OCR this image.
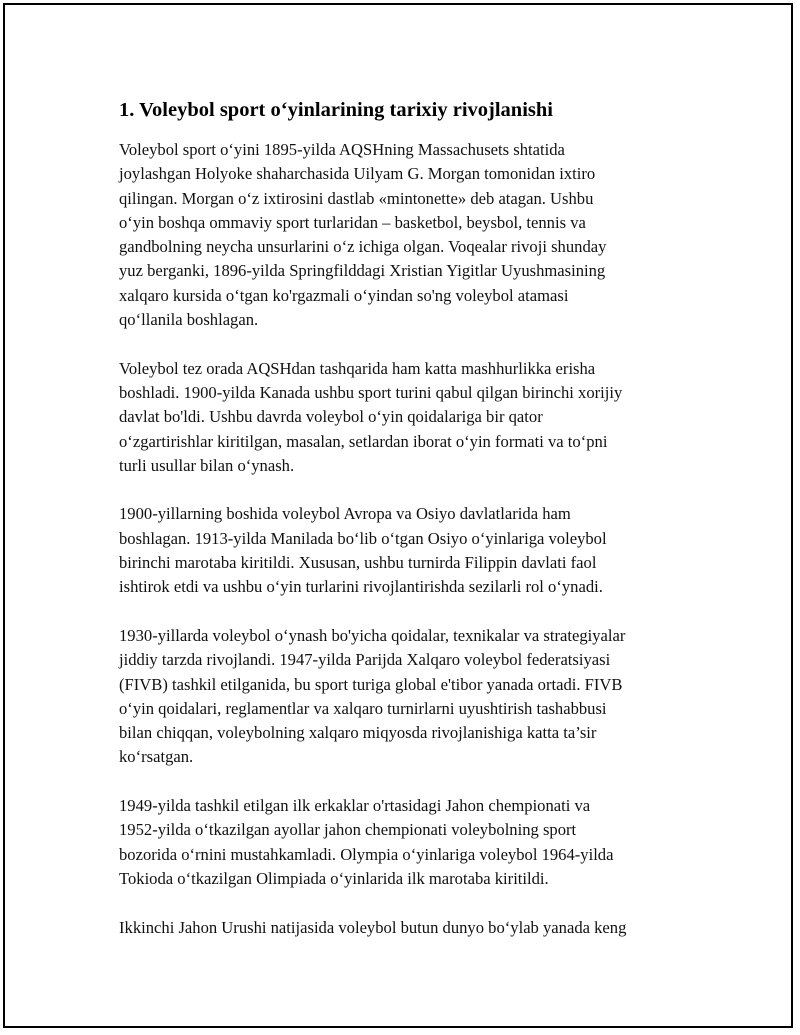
1. Voleybol sport o‘yinlarining tarixiy rivojlanishi

Voleybol sport o‘yini 1895-yilda AQSHning Massachusets shtatida
joylashgan Holyoke shaharchasida Uilyam G. Morgan tomonidan ixtiro
qilingan. Morgan o‘z ixtirosini dastlab «mintonette» deb atagan. Ushbu
o‘yin boshqa ommaviy sport turlaridan – basketbol, beysbol, tennis va
gandbolning neycha unsurlarini o‘z ichiga olgan. Voqealar rivoji shunday
yuz berganki, 1896-yilda Springfilddagi Xristian Yigitlar Uyushmasining
xalqaro kursida o‘tgan ko'rgazmali o‘yindan so'ng voleybol atamasi
qo‘llanila boshlagan.

Voleybol tez orada AQSHdan tashqarida ham katta mashhurlikka erisha
boshladi. 1900-yilda Kanada ushbu sport turini qabul qilgan birinchi xorijiy
davlat bo'ldi. Ushbu davrda voleybol o‘yin qoidalariga bir qator
o‘zgartirishlar kiritilgan, masalan, setlardan iborat o‘yin formati va to‘pni
turli usullar bilan o‘ynash.

1900-yillarning boshida voleybol Avropa va Osiyo davlatlarida ham
boshlagan. 1913-yilda Manilada bo‘lib o‘tgan Osiyo o‘yinlariga voleybol
birinchi marotaba kiritildi. Xususan, ushbu turnirda Filippin davlati faol
ishtirok etdi va ushbu o‘yin turlarini rivojlantirishda sezilarli rol o‘ynadi.

1930-yillarda voleybol o‘ynash bo'yicha qoidalar, texnikalar va strategiyalar
jiddiy tarzda rivojlandi. 1947-yilda Parijda Xalqaro voleybol federatsiyasi
(FIVB) tashkil etilganida, bu sport turiga global e'tibor yanada ortadi. FIVB
o‘yin qoidalari, reglamentlar va xalqaro turnirlarni uyushtirish tashabbusi
bilan chiqqan, voleybolning xalqaro miqyosda rivojlanishiga katta ta’sir
ko‘rsatgan.

1949-yilda tashkil etilgan ilk erkaklar o'rtasidagi Jahon chempionati va
1952-yilda o‘tkazilgan ayollar jahon chempionati voleybolning sport
bozorida o‘rnini mustahkamladi. Olympia o‘yinlariga voleybol 1964-yilda
Tokioda o‘tkazilgan Olimpiada o‘yinlarida ilk marotaba kiritildi.

Ikkinchi Jahon Urushi natijasida voleybol butun dunyo bo‘ylab yanada keng
